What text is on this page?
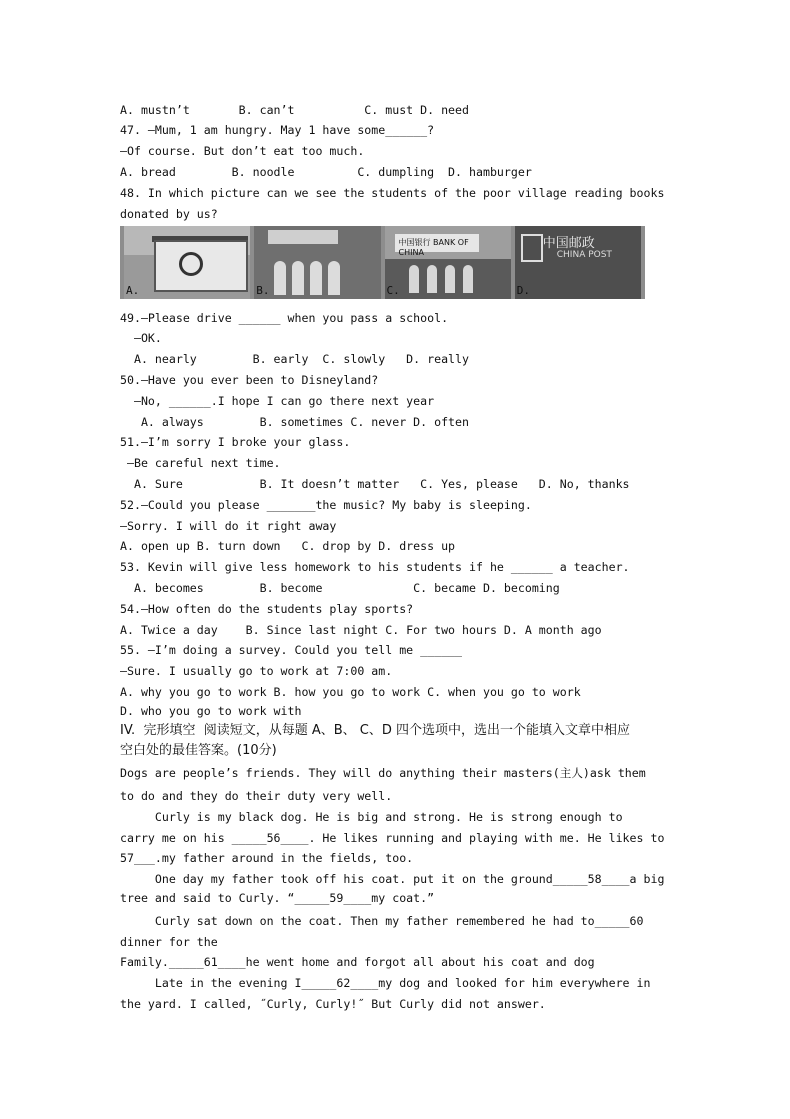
A. mustn’t       B. can’t          C. must D. need
47. —Mum, 1 am hungry. May 1 have some______?
—Of course. But don’t eat too much.
A. bread        B. noodle         C. dumpling  D. hamburger
48. In which picture can we see the students of the poor village reading books
donated by us?
A.	B.
中国银行 BANK OF CHINA
C.
中国邮政
CHINA POST
D.
49.—Please drive ______ when you pass a school.
—OK.
A. nearly        B. early  C. slowly   D. really
50.—Have you ever been to Disneyland?
—No, ______.I hope I can go there next year
A. always        B. sometimes C. never D. often
51.—I’m sorry I broke your glass.
—Be careful next time.
A. Sure           B. It doesn’t matter   C. Yes, please   D. No, thanks
52.—Could you please _______the music? My baby is sleeping.
—Sorry. I will do it right away
A. open up B. turn down   C. drop by D. dress up
53. Kevin will give less homework to his students if he ______ a teacher.
A. becomes        B. become             C. became D. becoming
54.—How often do the students play sports?
A. Twice a day    B. Since last night C. For two hours D. A month ago
55. —I’m doing a survey. Could you tell me ______
—Sure. I usually go to work at 7:00 am.
A. why you go to work B. how you go to work C. when you go to work
D. who you go to work with
IV.  完形填空  阅读短文，从每题 A、B、 C、D 四个选项中，选出一个能填入文章中相应
空白处的最佳答案。(10分)
Dogs are people’s friends. They will do anything their masters(主人)ask them
to do and they do their duty very well.
Curly is my black dog. He is big and strong. He is strong enough to
carry me on his _____56____. He likes running and playing with me. He likes to
57___.my father around in the fields, too.
One day my father took off his coat. put it on the ground_____58____a big
tree and said to Curly. “_____59____my coat.”
Curly sat down on the coat. Then my father remembered he had to_____60
dinner for the
Family._____61____he went home and forgot all about his coat and dog
Late in the evening I_____62____my dog and looked for him everywhere in
the yard. I called, ˝Curly, Curly!˝ But Curly did not answer.
